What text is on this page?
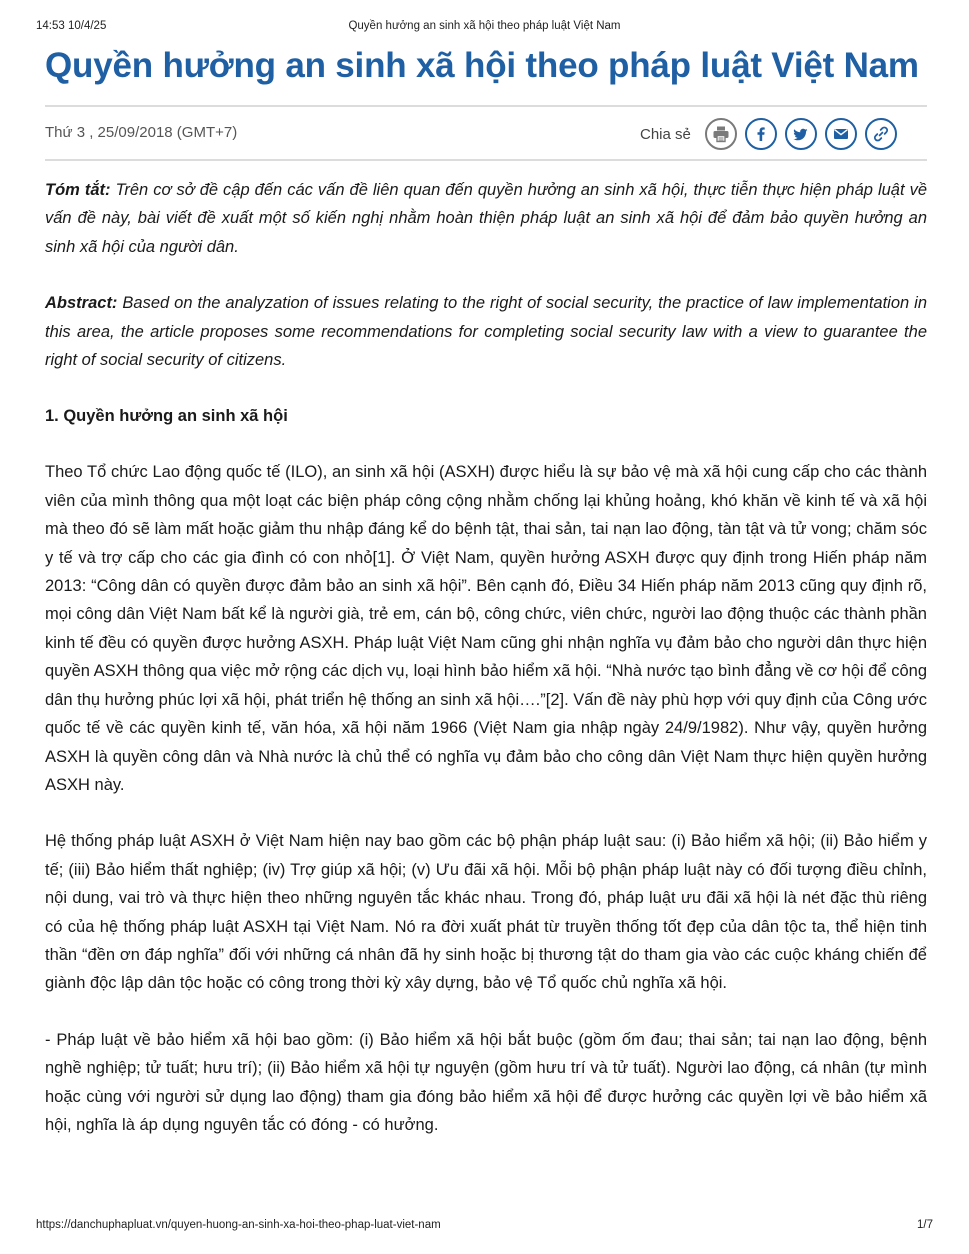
14:53 10/4/25	Quyền hưởng an sinh xã hội theo pháp luật Việt Nam
Quyền hưởng an sinh xã hội theo pháp luật Việt Nam
Thứ 3 , 25/09/2018 (GMT+7)	Chia sẻ

Tóm tắt: Trên cơ sở đề cập đến các vấn đề liên quan đến quyền hưởng an sinh xã hội, thực tiễn thực hiện pháp luật về vấn đề này, bài viết đề xuất một số kiến nghị nhằm hoàn thiện pháp luật an sinh xã hội để đảm bảo quyền hưởng an sinh xã hội của người dân.

Abstract: Based on the analyzation of issues relating to the right of social security, the practice of law implementation in this area, the article proposes some recommendations for completing social security law with a view to guarantee the right of social security of citizens.

1. Quyền hưởng an sinh xã hội

Theo Tổ chức Lao động quốc tế (ILO), an sinh xã hội (ASXH) được hiểu là sự bảo vệ mà xã hội cung cấp cho các thành viên của mình thông qua một loạt các biện pháp công cộng nhằm chống lại khủng hoảng, khó khăn về kinh tế và xã hội mà theo đó sẽ làm mất hoặc giảm thu nhập đáng kể do bệnh tật, thai sản, tai nạn lao động, tàn tật và tử vong; chăm sóc y tế và trợ cấp cho các gia đình có con nhỏ[1]. Ở Việt Nam, quyền hưởng ASXH được quy định trong Hiến pháp năm 2013: “Công dân có quyền được đảm bảo an sinh xã hội”. Bên cạnh đó, Điều 34 Hiến pháp năm 2013 cũng quy định rõ, mọi công dân Việt Nam bất kể là người già, trẻ em, cán bộ, công chức, viên chức, người lao động thuộc các thành phần kinh tế đều có quyền được hưởng ASXH. Pháp luật Việt Nam cũng ghi nhận nghĩa vụ đảm bảo cho người dân thực hiện quyền ASXH thông qua việc mở rộng các dịch vụ, loại hình bảo hiểm xã hội. “Nhà nước tạo bình đẳng về cơ hội để công dân thụ hưởng phúc lợi xã hội, phát triển hệ thống an sinh xã hội….”[2]. Vấn đề này phù hợp với quy định của Công ước quốc tế về các quyền kinh tế, văn hóa, xã hội năm 1966 (Việt Nam gia nhập ngày 24/9/1982). Như vậy, quyền hưởng ASXH là quyền công dân và Nhà nước là chủ thể có nghĩa vụ đảm bảo cho công dân Việt Nam thực hiện quyền hưởng ASXH này.

Hệ thống pháp luật ASXH ở Việt Nam hiện nay bao gồm các bộ phận pháp luật sau: (i) Bảo hiểm xã hội; (ii) Bảo hiểm y tế; (iii) Bảo hiểm thất nghiệp; (iv) Trợ giúp xã hội; (v) Ưu đãi xã hội. Mỗi bộ phận pháp luật này có đối tượng điều chỉnh, nội dung, vai trò và thực hiện theo những nguyên tắc khác nhau. Trong đó, pháp luật ưu đãi xã hội là nét đặc thù riêng có của hệ thống pháp luật ASXH tại Việt Nam. Nó ra đời xuất phát từ truyền thống tốt đẹp của dân tộc ta, thể hiện tinh thần “đền ơn đáp nghĩa” đối với những cá nhân đã hy sinh hoặc bị thương tật do tham gia vào các cuộc kháng chiến để giành độc lập dân tộc hoặc có công trong thời kỳ xây dựng, bảo vệ Tổ quốc chủ nghĩa xã hội.

- Pháp luật về bảo hiểm xã hội bao gồm: (i) Bảo hiểm xã hội bắt buộc (gồm ốm đau; thai sản; tai nạn lao động, bệnh nghề nghiệp; tử tuất; hưu trí); (ii) Bảo hiểm xã hội tự nguyện (gồm hưu trí và tử tuất). Người lao động, cá nhân (tự mình hoặc cùng với người sử dụng lao động) tham gia đóng bảo hiểm xã hội để được hưởng các quyền lợi về bảo hiểm xã hội, nghĩa là áp dụng nguyên tắc có đóng - có hưởng.

https://danchuphapluat.vn/quyen-huong-an-sinh-xa-hoi-theo-phap-luat-viet-nam	1/7
